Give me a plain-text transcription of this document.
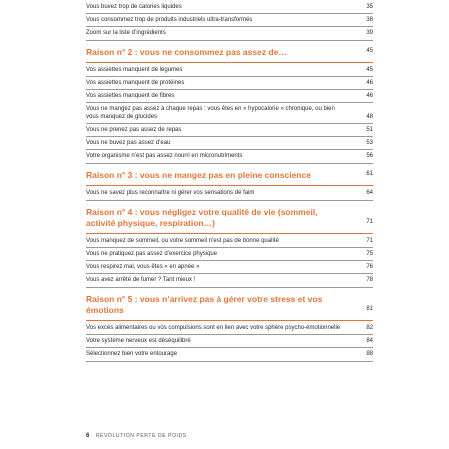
Vous buvez trop de calories liquides	35
Vous consommez trop de produits industriels ultra-transformés	38
Zoom sur la liste d’ingrédients	39
Raison n° 2 : vous ne consommez pas assez de…	45
Vos assiettes manquent de légumes	45
Vos assiettes manquent de protéines	46
Vos assiettes manquent de fibres	46
Vous ne mangez pas assez à chaque repas : vous êtes en « hypocalorie » chronique, ou bien vous manquez de glucides	48
Vous ne prenez pas assez de repas	51
Vous ne buvez pas assez d’eau	53
Votre organisme n’est pas assez nourri en micronutriments	56
Raison n° 3 : vous ne mangez pas en pleine conscience	61
Vous ne savez plus reconnaître ni gérer vos sensations de faim	64
Raison n° 4 : vous négligez votre qualité de vie (sommeil, activité physique, respiration…)	71
Vous manquez de sommeil, ou votre sommeil n’est pas de bonne qualité	71
Vous ne pratiquez pas assez d’exercice physique	75
Vous respirez mal, vous êtes « en apnée »	76
Vous avez arrêté de fumer ? Tant mieux !	78
Raison n° 5 : vous n’arrivez pas à gérer votre stress et vos émotions	81
Vos excès alimentaires ou vos compulsions sont en lien avec votre sphère psycho-émotionnelle	82
Votre système nerveux est déséquilibré	84
Sélectionnez bien votre entourage	88
6 RÉVOLUTION PERTE DE POIDS
